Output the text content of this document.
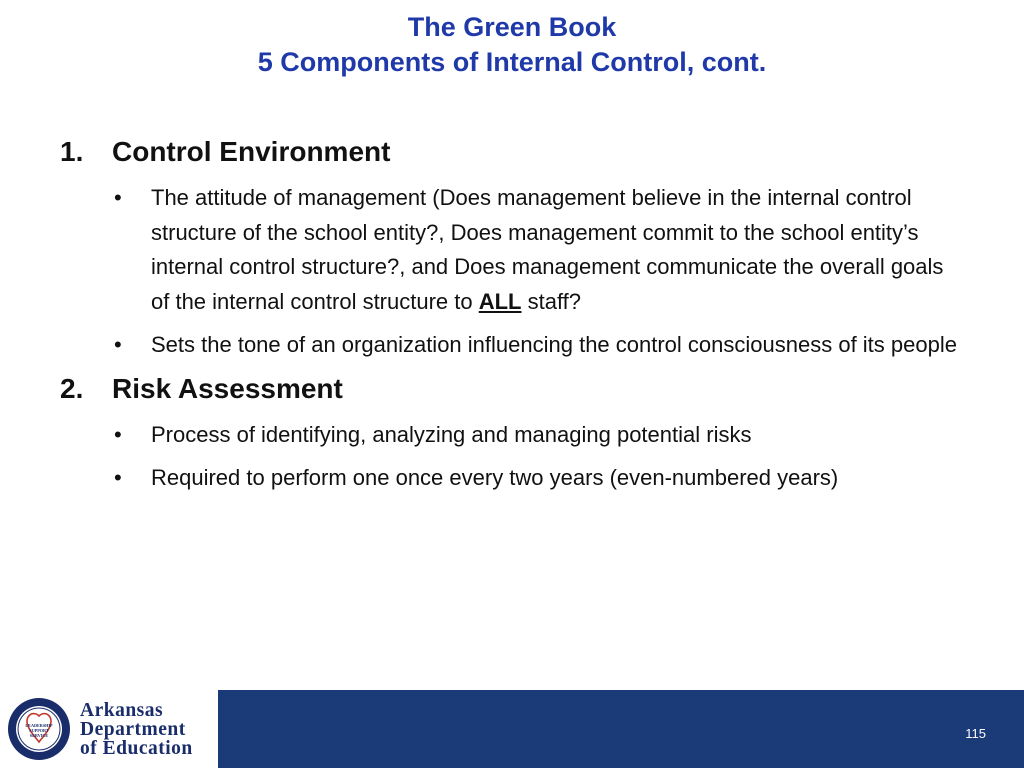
The Green Book
5 Components of Internal Control, cont.
1.	Control Environment
•	The attitude of management (Does management believe in the internal control structure of the school entity?, Does management commit to the school entity’s internal control structure?, and Does management communicate the overall goals of the internal control structure to ALL staff?
•	Sets the tone of an organization influencing the control consciousness of its people
2.	Risk Assessment
•	Process of identifying, analyzing and managing potential risks
•	Required to perform one once every two years (even-numbered years)
LEADERSHIP
SUPPORT
SERVICE
Arkansas
Department
of Education
115
